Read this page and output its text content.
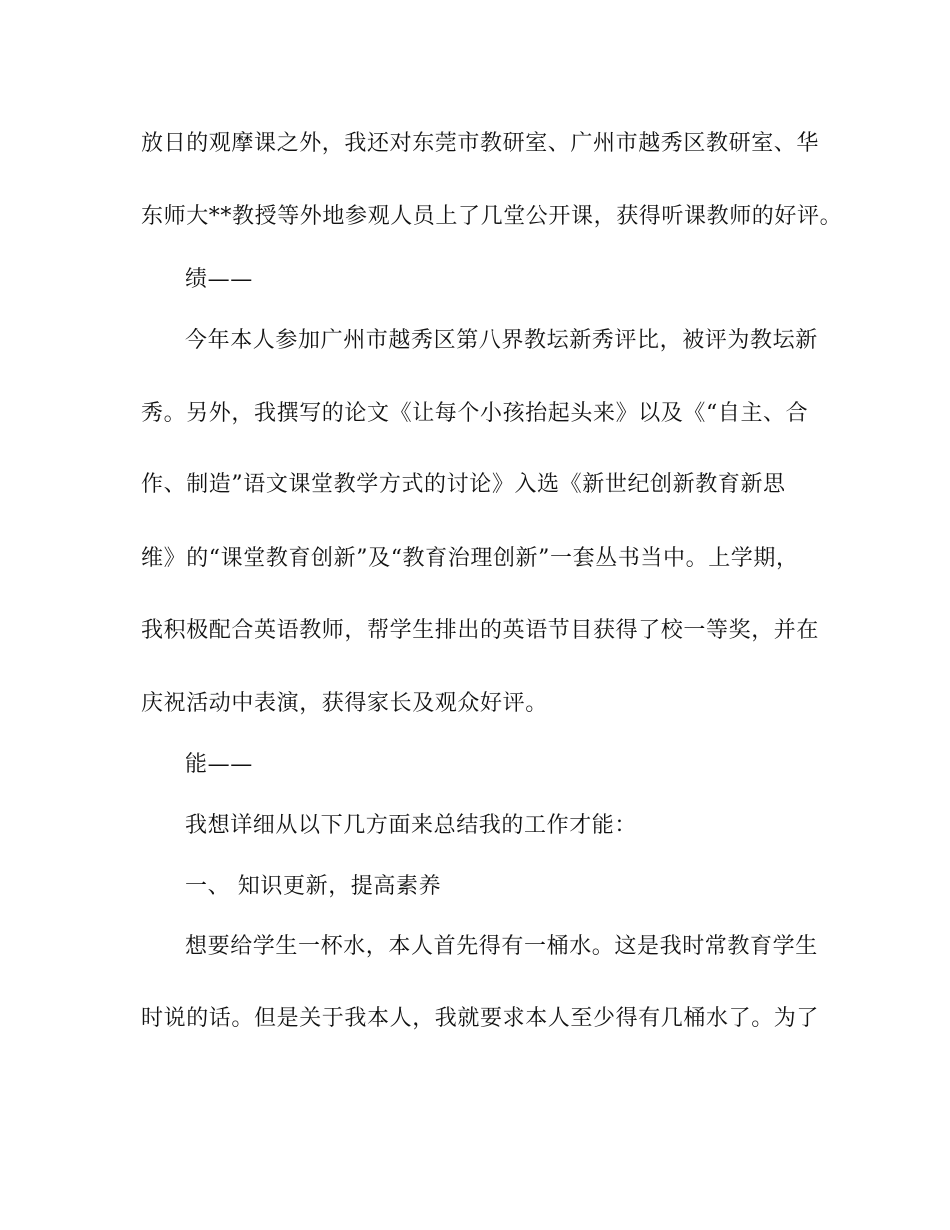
放日的观摩课之外，我还对东莞市教研室、广州市越秀区教研室、华
东师大**教授等外地参观人员上了几堂公开课，获得听课教师的好评。
绩——
今年本人参加广州市越秀区第八界教坛新秀评比，被评为教坛新
秀。另外，我撰写的论文《让每个小孩抬起头来》以及《“自主、合
作、制造”语文课堂教学方式的讨论》入选《新世纪创新教育新思
维》的“课堂教育创新”及“教育治理创新”一套丛书当中。上学期，
我积极配合英语教师，帮学生排出的英语节目获得了校一等奖，并在
庆祝活动中表演，获得家长及观众好评。
能——
我想详细从以下几方面来总结我的工作才能：
一、 知识更新，提高素养
想要给学生一杯水，本人首先得有一桶水。这是我时常教育学生
时说的话。但是关于我本人，我就要求本人至少得有几桶水了。为了
